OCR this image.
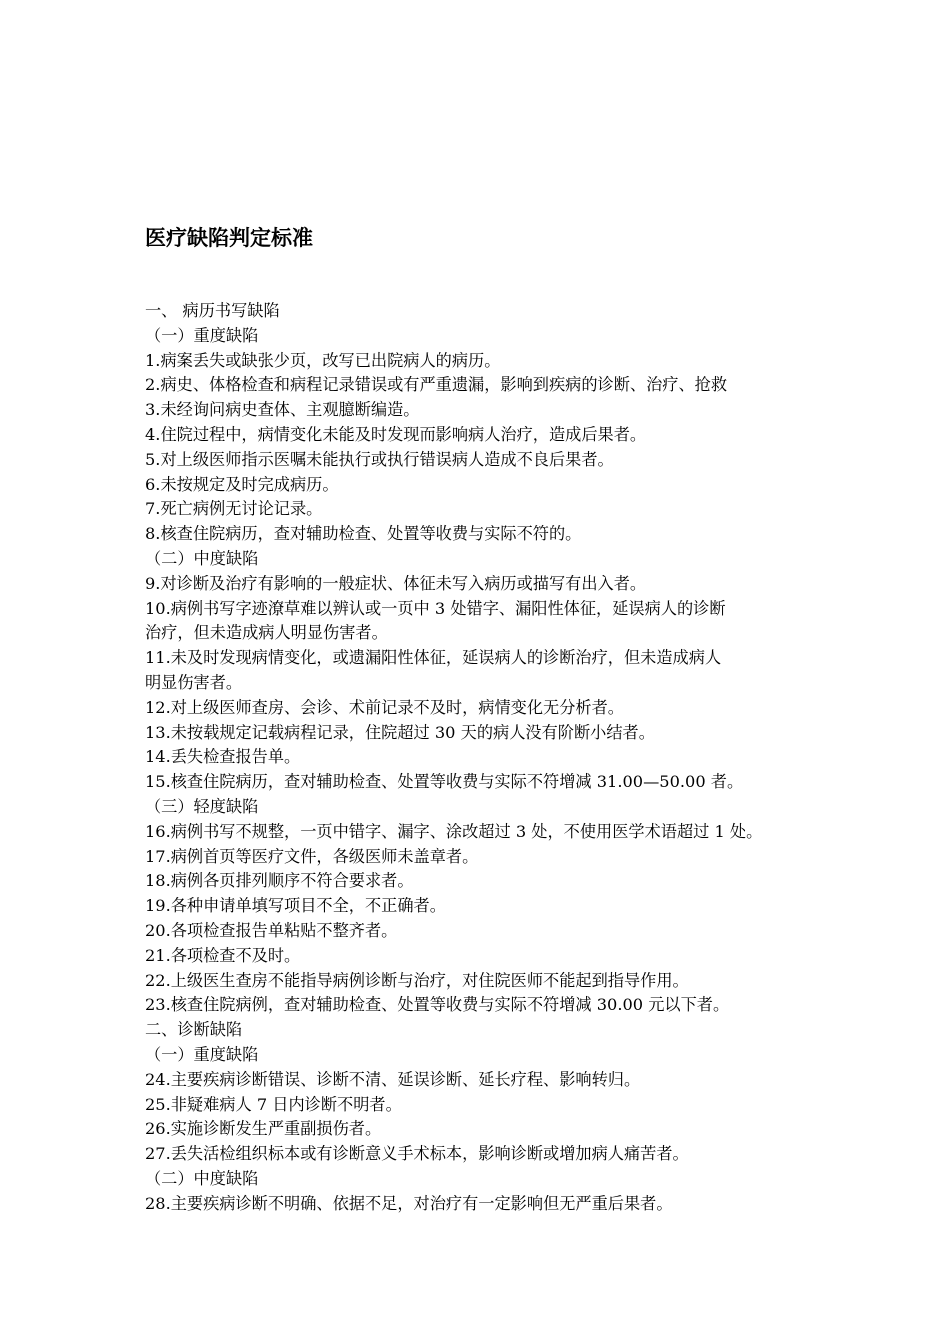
医疗缺陷判定标准
一、 病历书写缺陷
（一）重度缺陷
1.病案丢失或缺张少页，改写已出院病人的病历。
2.病史、体格检查和病程记录错误或有严重遗漏，影响到疾病的诊断、治疗、抢救
3.未经询问病史查体、主观臆断编造。
4.住院过程中，病情变化未能及时发现而影响病人治疗，造成后果者。
5.对上级医师指示医嘱未能执行或执行错误病人造成不良后果者。
6.未按规定及时完成病历。
7.死亡病例无讨论记录。
8.核查住院病历，查对辅助检查、处置等收费与实际不符的。
（二）中度缺陷
9.对诊断及治疗有影响的一般症状、体征未写入病历或描写有出入者。
10.病例书写字迹潦草难以辨认或一页中 3 处错字、漏阳性体征，延误病人的诊断
治疗，但未造成病人明显伤害者。
11.未及时发现病情变化，或遗漏阳性体征，延误病人的诊断治疗，但未造成病人
明显伤害者。
12.对上级医师查房、会诊、术前记录不及时，病情变化无分析者。
13.未按载规定记载病程记录，住院超过 30 天的病人没有阶断小结者。
14.丢失检查报告单。
15.核查住院病历，查对辅助检查、处置等收费与实际不符增减 31.00—50.00 者。
（三）轻度缺陷
16.病例书写不规整，一页中错字、漏字、涂改超过 3 处，不使用医学术语超过 1 处。
17.病例首页等医疗文件，各级医师未盖章者。
18.病例各页排列顺序不符合要求者。
19.各种申请单填写项目不全，不正确者。
20.各项检查报告单粘贴不整齐者。
21.各项检查不及时。
22.上级医生查房不能指导病例诊断与治疗，对住院医师不能起到指导作用。
23.核查住院病例，查对辅助检查、处置等收费与实际不符增减 30.00 元以下者。
二、诊断缺陷
（一）重度缺陷
24.主要疾病诊断错误、诊断不清、延误诊断、延长疗程、影响转归。
25.非疑难病人 7 日内诊断不明者。
26.实施诊断发生严重副损伤者。
27.丢失活检组织标本或有诊断意义手术标本，影响诊断或增加病人痛苦者。
（二）中度缺陷
28.主要疾病诊断不明确、依据不足，对治疗有一定影响但无严重后果者。
